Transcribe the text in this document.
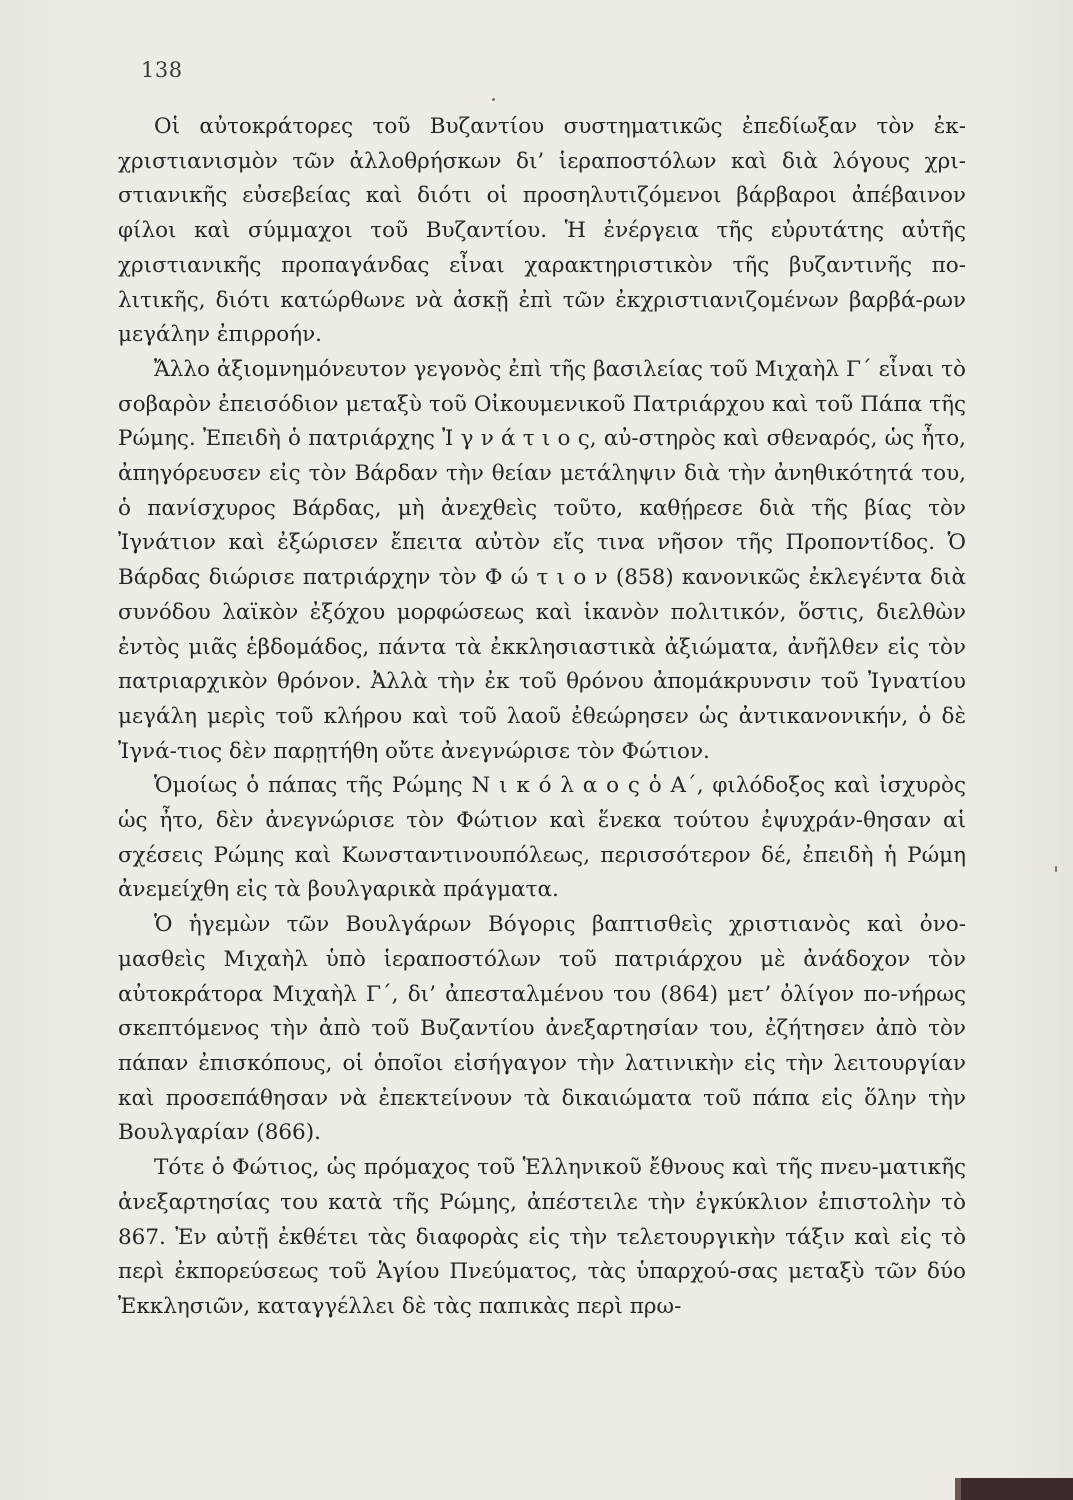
138

Οἱ αὐτοκράτορες τοῦ Βυζαντίου συστηματικῶς ἐπεδίωξαν τὸν ἐκ-χριστιανισμὸν τῶν ἀλλοθρήσκων δι’ ἱεραποστόλων καὶ διὰ λόγους χρι-στιανικῆς εὐσεβείας καὶ διότι οἱ προσηλυτιζόμενοι βάρβαροι ἀπέβαινον φίλοι καὶ σύμμαχοι τοῦ Βυζαντίου. Ἡ ἐνέργεια τῆς εὐρυτάτης αὐτῆς χριστιανικῆς προπαγάνδας εἶναι χαρακτηριστικὸν τῆς βυζαντινῆς πο-λιτικῆς, διότι κατώρθωνε νὰ ἀσκῇ ἐπὶ τῶν ἐκχριστιανιζομένων βαρβά-ρων μεγάλην ἐπιρροήν.

Ἄλλο ἀξιομνημόνευτον γεγονὸς ἐπὶ τῆς βασιλείας τοῦ Μιχαὴλ Γ´ εἶναι τὸ σοβαρὸν ἐπεισόδιον μεταξὺ τοῦ Οἰκουμενικοῦ Πατριάρχου καὶ τοῦ Πάπα τῆς Ρώμης. Ἐπειδὴ ὁ πατριάρχης Ἰ γ ν ά τ ι ο ς, αὐ-στηρὸς καὶ σθεναρός, ὡς ἦτο, ἀπηγόρευσεν εἰς τὸν Βάρδαν τὴν θείαν μετάληψιν διὰ τὴν ἀνηθικότητά του, ὁ πανίσχυρος Βάρδας, μὴ ἀνεχθεὶς τοῦτο, καθῄρεσε διὰ τῆς βίας τὸν Ἰγνάτιον καὶ ἐξώρισεν ἔπειτα αὐτὸν εἴς τινα νῆσον τῆς Προποντίδος. Ὁ Βάρδας διώρισε πατριάρχην τὸν Φ ώ τ ι ο ν (858) κανονικῶς ἐκλεγέντα διὰ συνόδου λαϊκὸν ἐξόχου μορφώσεως καὶ ἱκανὸν πολιτικόν, ὅστις, διελθὼν ἐντὸς μιᾶς ἑβδομάδος, πάντα τὰ ἐκκλησιαστικὰ ἀξιώματα, ἀνῆλθεν εἰς τὸν πατριαρχικὸν θρόνον. Ἀλλὰ τὴν ἐκ τοῦ θρόνου ἀπομάκρυνσιν τοῦ Ἰγνατίου μεγάλη μερὶς τοῦ κλήρου καὶ τοῦ λαοῦ ἐθεώρησεν ὡς ἀντικανονικήν, ὁ δὲ Ἰγνά-τιος δὲν παρῃτήθη οὔτε ἀνεγνώρισε τὸν Φώτιον.

Ὁμοίως ὁ πάπας τῆς Ρώμης Ν ι κ ό λ α ο ς ὁ Α´, φιλόδοξος καὶ ἰσχυρὸς ὡς ἦτο, δὲν ἀνεγνώρισε τὸν Φώτιον καὶ ἕνεκα τούτου ἐψυχράν-θησαν αἱ σχέσεις Ρώμης καὶ Κωνσταντινουπόλεως, περισσότερον δέ, ἐπειδὴ ἡ Ρώμη ἀνεμείχθη εἰς τὰ βουλγαρικὰ πράγματα.

Ὁ ἡγεμὼν τῶν Βουλγάρων Βόγορις βαπτισθεὶς χριστιανὸς καὶ ὀνο-μασθεὶς Μιχαὴλ ὑπὸ ἱεραποστόλων τοῦ πατριάρχου μὲ ἀνάδοχον τὸν αὐτοκράτορα Μιχαὴλ Γ´, δι’ ἀπεσταλμένου του (864) μετ’ ὀλίγον πο-νήρως σκεπτόμενος τὴν ἀπὸ τοῦ Βυζαντίου ἀνεξαρτησίαν του, ἐζήτησεν ἀπὸ τὸν πάπαν ἐπισκόπους, οἱ ὁποῖοι εἰσήγαγον τὴν λατινικὴν εἰς τὴν λειτουργίαν καὶ προσεπάθησαν νὰ ἐπεκτείνουν τὰ δικαιώματα τοῦ πάπα εἰς ὅλην τὴν Βουλγαρίαν (866).

Τότε ὁ Φώτιος, ὡς πρόμαχος τοῦ Ἑλληνικοῦ ἔθνους καὶ τῆς πνευ-ματικῆς ἀνεξαρτησίας του κατὰ τῆς Ρώμης, ἀπέστειλε τὴν ἐγκύκλιον ἐπιστολὴν τὸ 867. Ἐν αὐτῇ ἐκθέτει τὰς διαφορὰς εἰς τὴν τελετουργικὴν τάξιν καὶ εἰς τὸ περὶ ἐκπορεύσεως τοῦ Ἁγίου Πνεύματος, τὰς ὑπαρχού-σας μεταξὺ τῶν δύο Ἐκκλησιῶν, καταγγέλλει δὲ τὰς παπικὰς περὶ πρω-
